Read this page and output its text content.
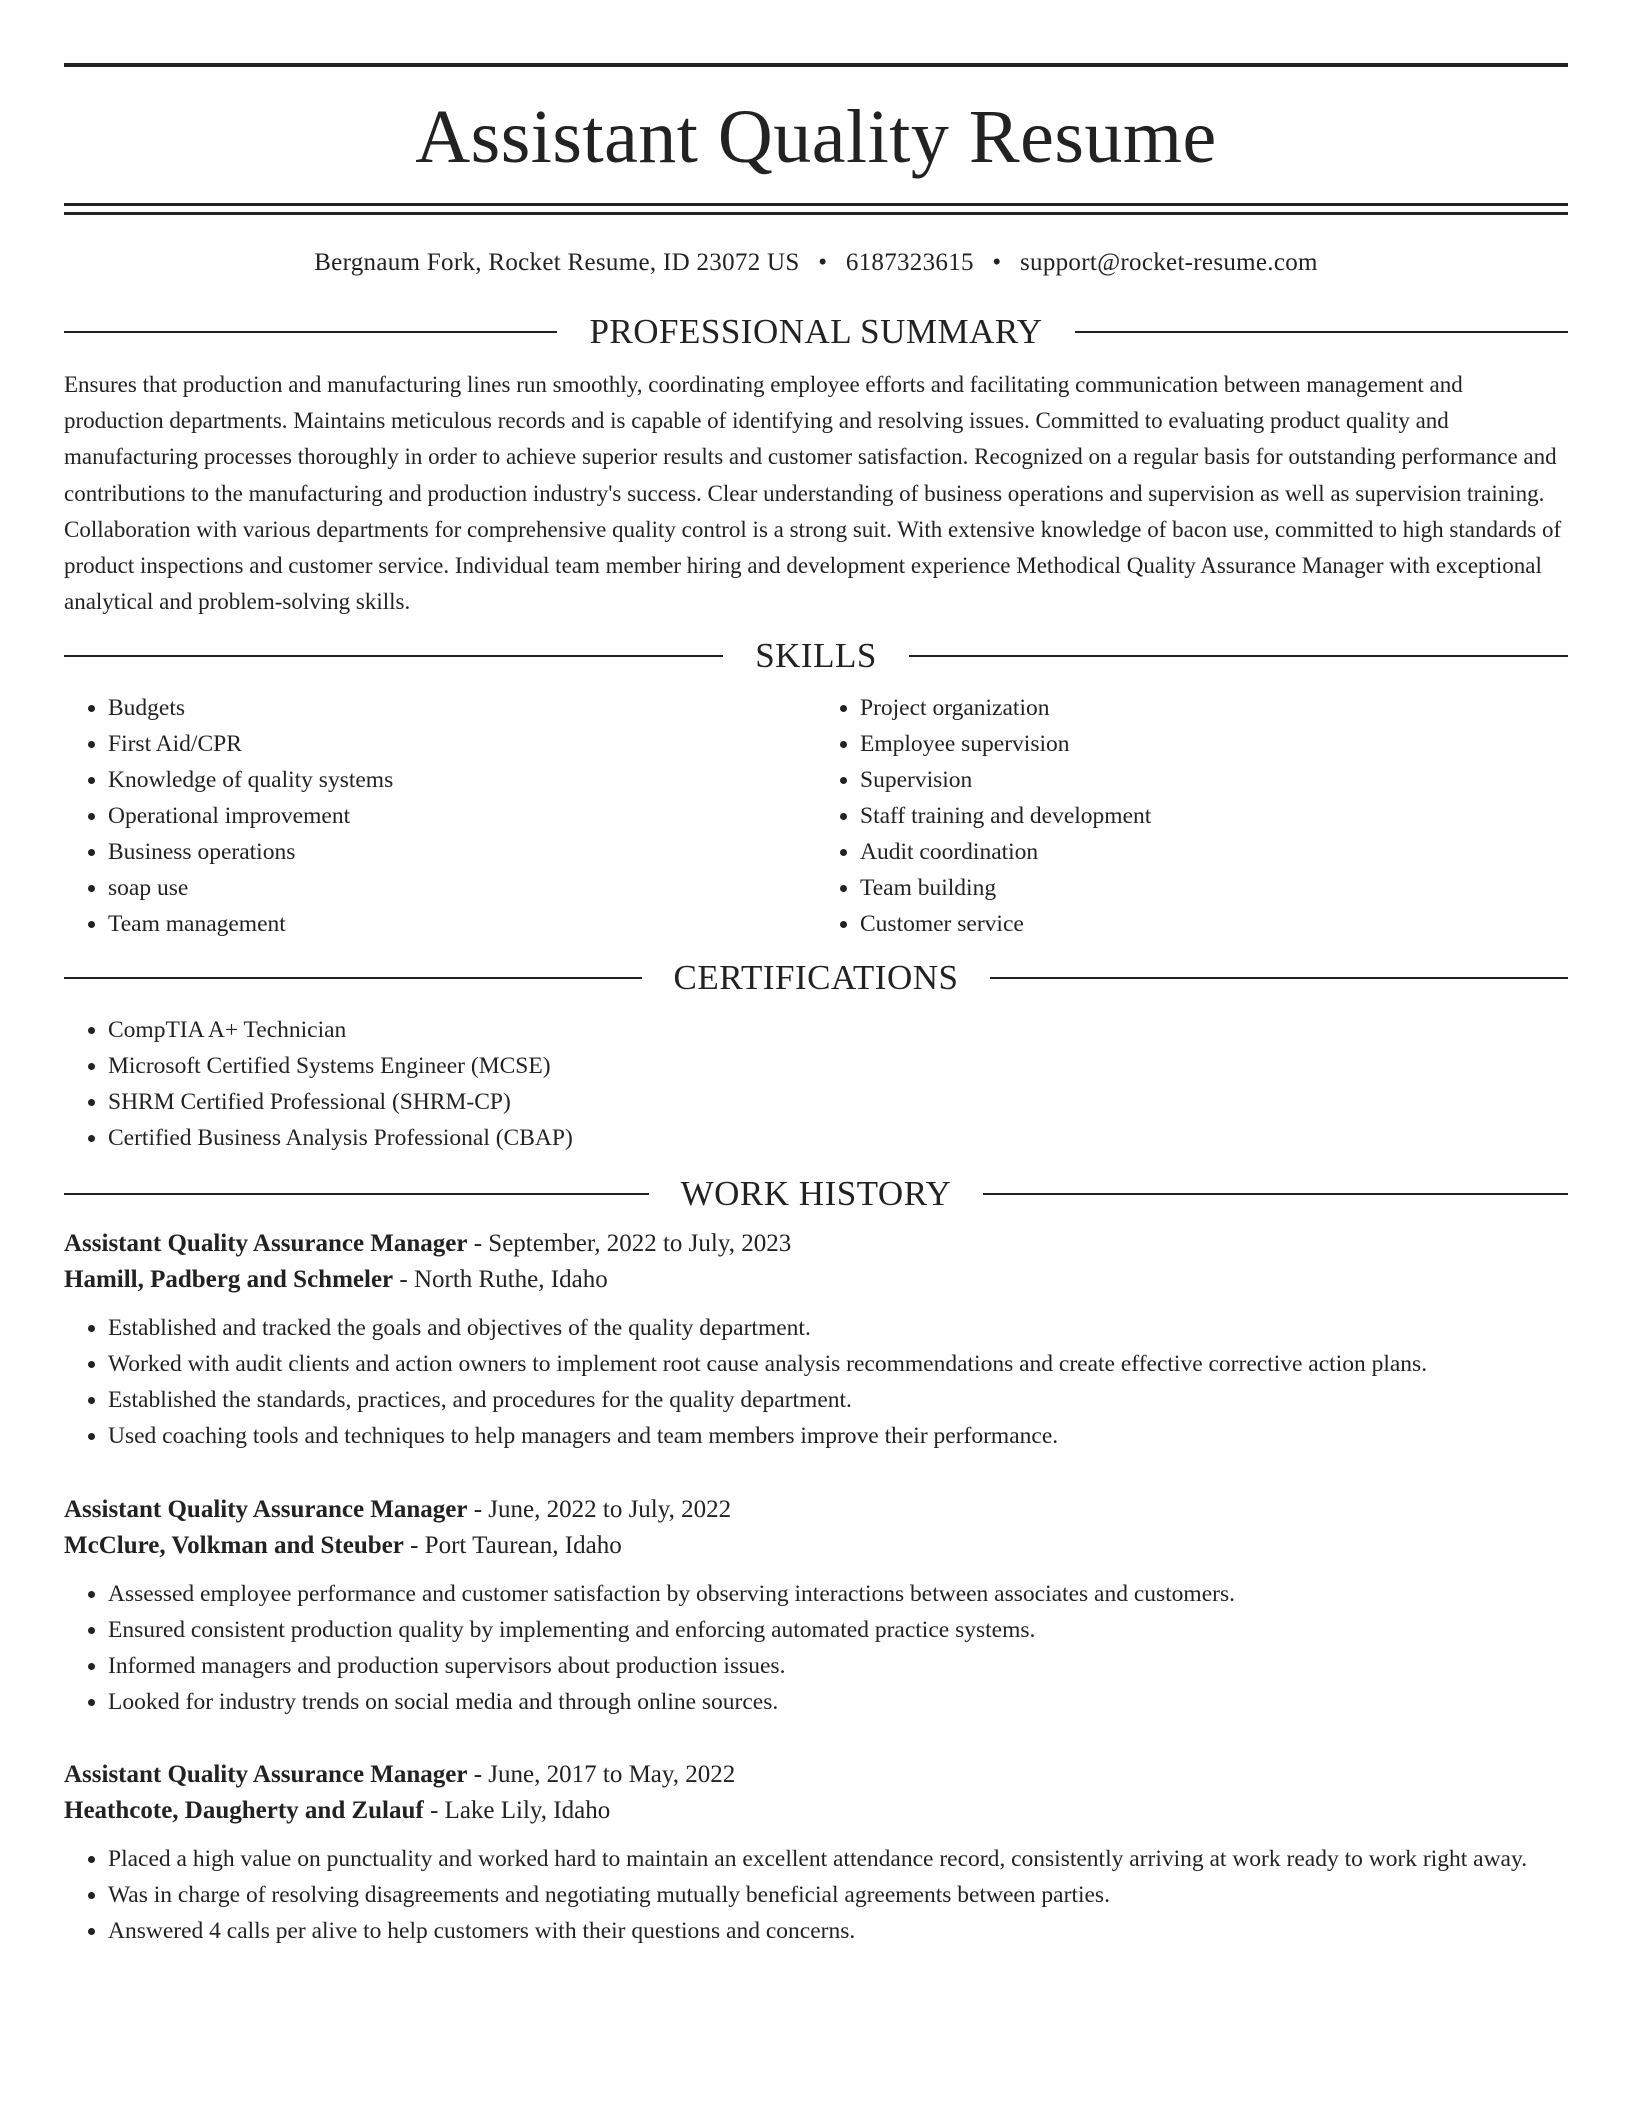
Assistant Quality Resume
Bergnaum Fork, Rocket Resume, ID 23072 US • 6187323615 • support@rocket-resume.com
PROFESSIONAL SUMMARY

Ensures that production and manufacturing lines run smoothly, coordinating employee efforts and facilitating communication between management and production departments. Maintains meticulous records and is capable of identifying and resolving issues. Committed to evaluating product quality and manufacturing processes thoroughly in order to achieve superior results and customer satisfaction. Recognized on a regular basis for outstanding performance and contributions to the manufacturing and production industry's success. Clear understanding of business operations and supervision as well as supervision training. Collaboration with various departments for comprehensive quality control is a strong suit. With extensive knowledge of bacon use, committed to high standards of product inspections and customer service. Individual team member hiring and development experience Methodical Quality Assurance Manager with exceptional analytical and problem-solving skills.

SKILLS
• Budgets
• First Aid/CPR
• Knowledge of quality systems
• Operational improvement
• Business operations
• soap use
• Team management
• Project organization
• Employee supervision
• Supervision
• Staff training and development
• Audit coordination
• Team building
• Customer service
CERTIFICATIONS
• CompTIA A+ Technician
• Microsoft Certified Systems Engineer (MCSE)
• SHRM Certified Professional (SHRM-CP)
• Certified Business Analysis Professional (CBAP)
WORK HISTORY
Assistant Quality Assurance Manager - September, 2022 to July, 2023
Hamill, Padberg and Schmeler - North Ruthe, Idaho
• Established and tracked the goals and objectives of the quality department.
• Worked with audit clients and action owners to implement root cause analysis recommendations and create effective corrective action plans.
• Established the standards, practices, and procedures for the quality department.
• Used coaching tools and techniques to help managers and team members improve their performance.
Assistant Quality Assurance Manager - June, 2022 to July, 2022
McClure, Volkman and Steuber - Port Taurean, Idaho
• Assessed employee performance and customer satisfaction by observing interactions between associates and customers.
• Ensured consistent production quality by implementing and enforcing automated practice systems.
• Informed managers and production supervisors about production issues.
• Looked for industry trends on social media and through online sources.
Assistant Quality Assurance Manager - June, 2017 to May, 2022
Heathcote, Daugherty and Zulauf - Lake Lily, Idaho
• Placed a high value on punctuality and worked hard to maintain an excellent attendance record, consistently arriving at work ready to work right away.
• Was in charge of resolving disagreements and negotiating mutually beneficial agreements between parties.
• Answered 4 calls per alive to help customers with their questions and concerns.
